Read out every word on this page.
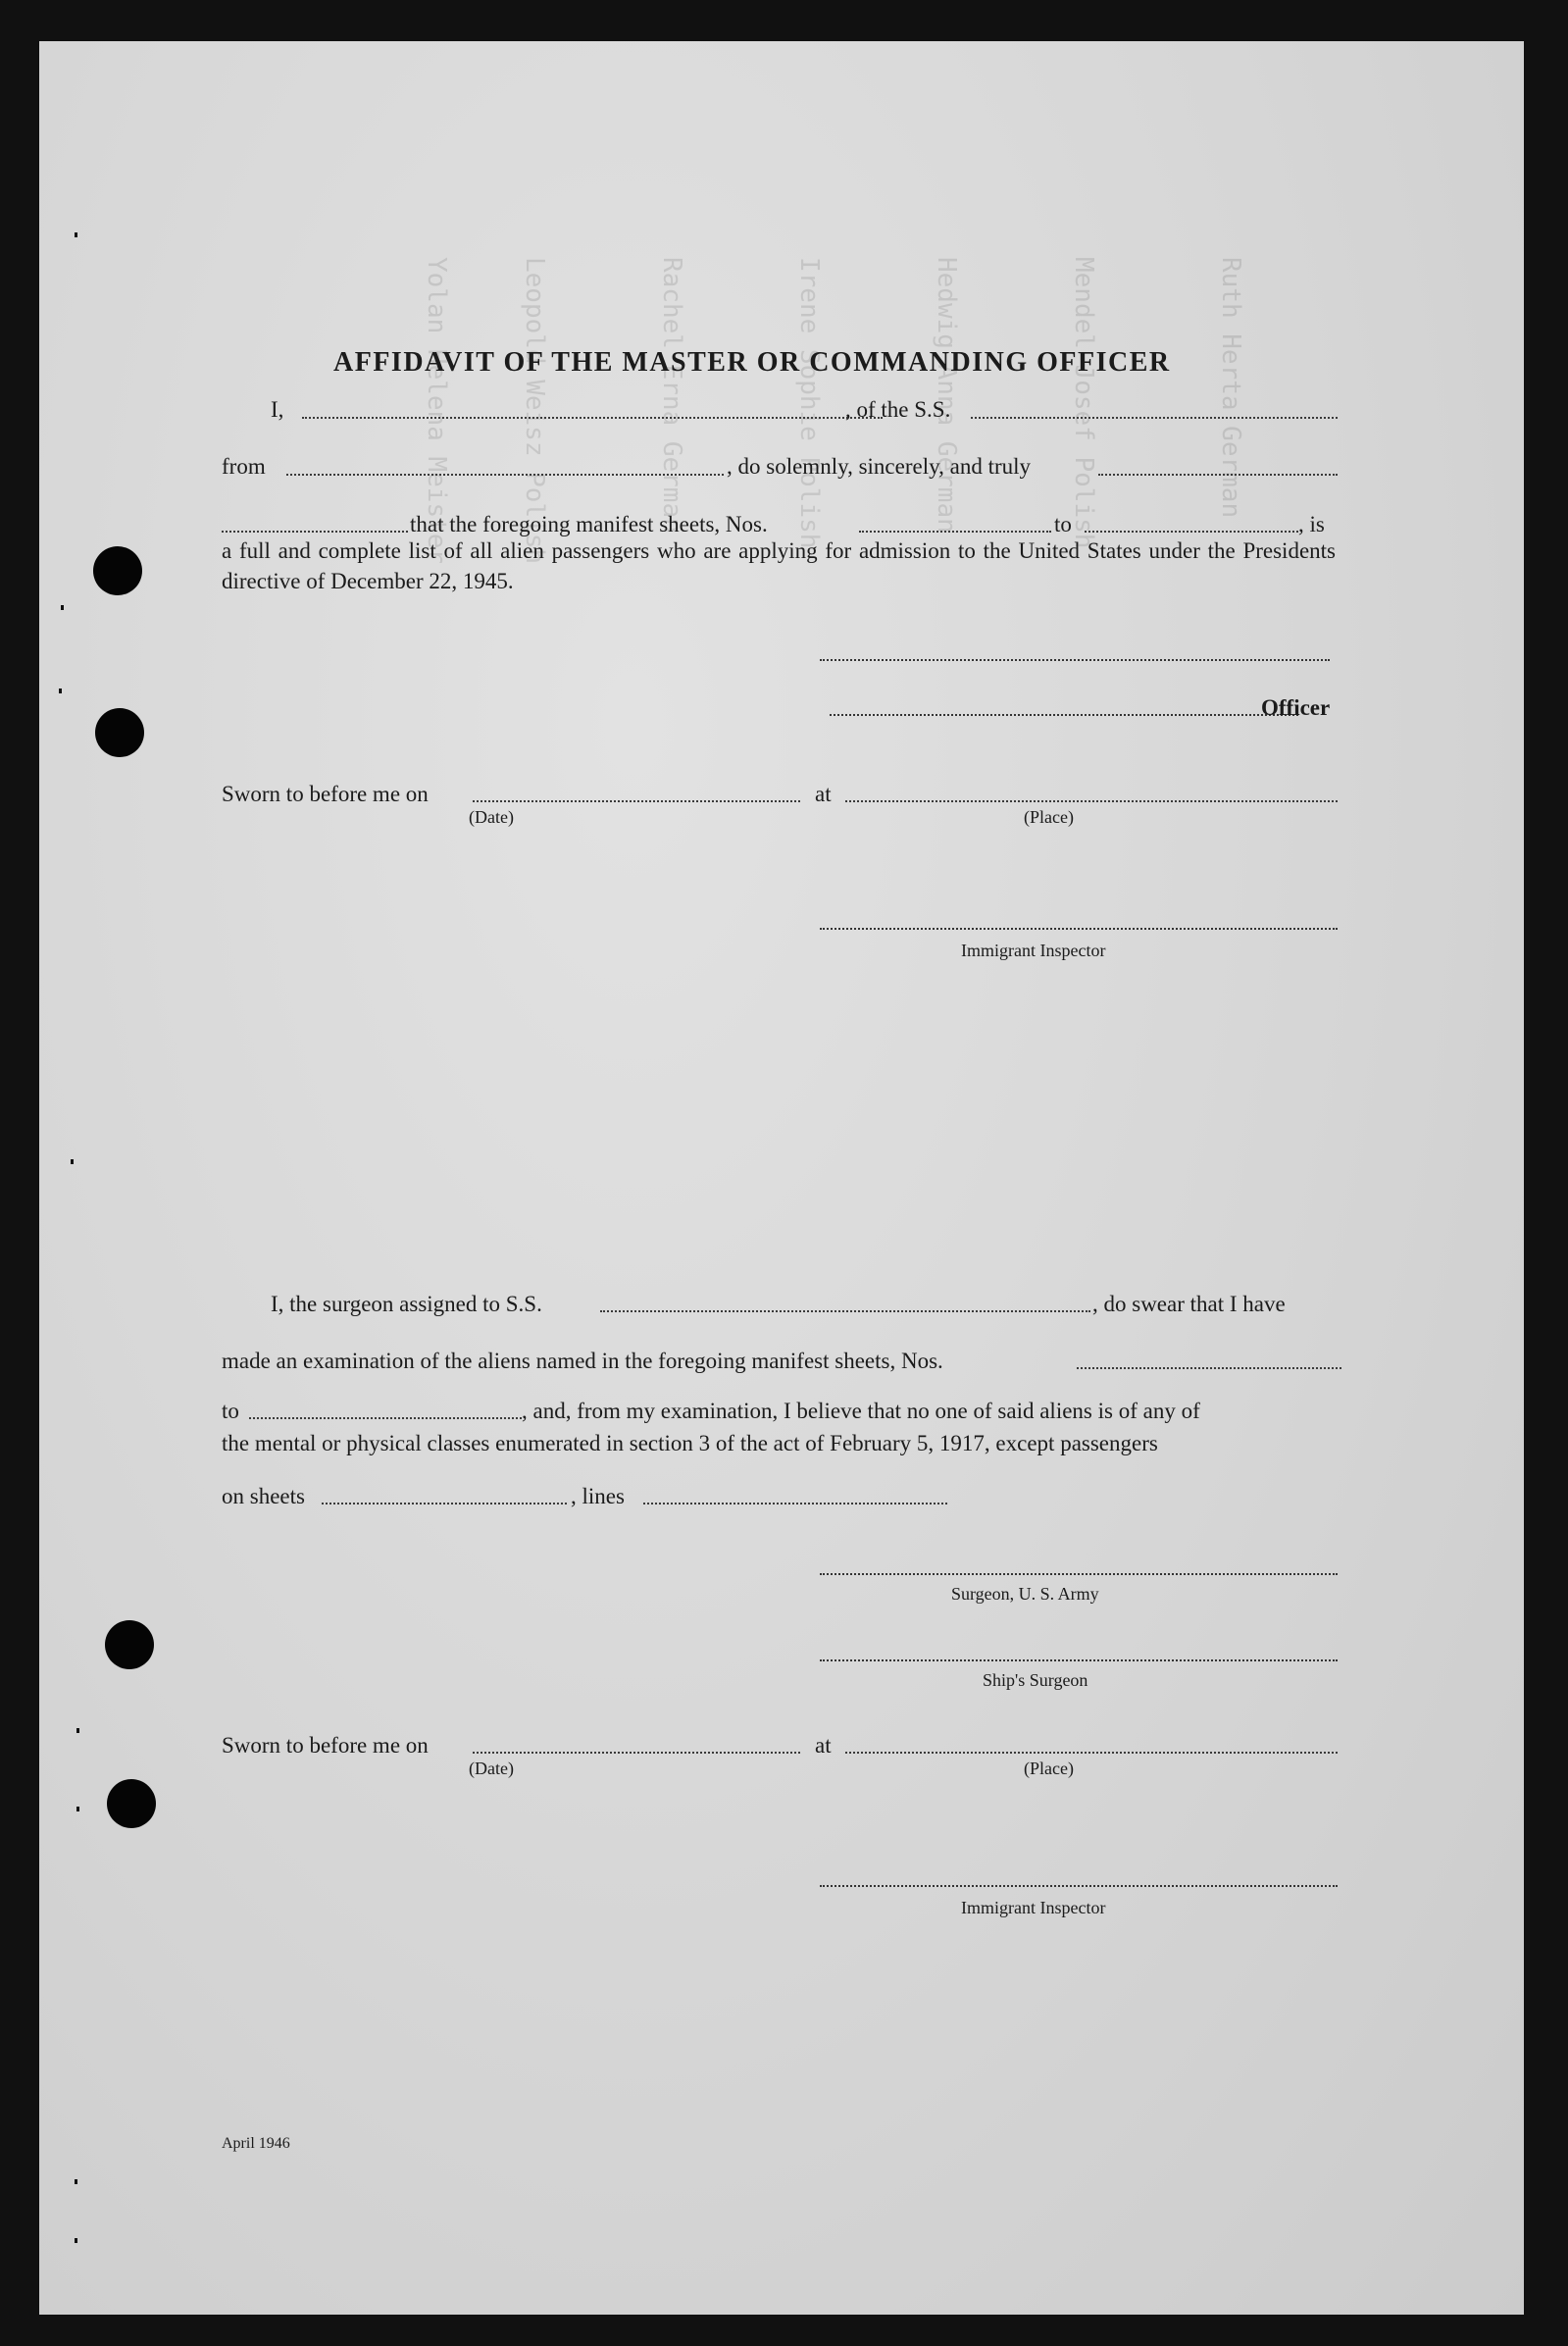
Yolan Helena Meister	Leopold Weisz Polish	Rachel Erna German	Irene Sophie Polish	Hedwig Anna German	Mendel Josef Polish	Ruth Herta German
AFFIDAVIT OF THE MASTER OR COMMANDING OFFICER
I,	, of the S.S.
from	, do solemnly, sincerely, and truly
that the foregoing manifest sheets, Nos.	to	, is
a full and complete list of all alien passengers who are applying for admission to the United States under the Presidents directive of December 22, 1945.
Officer
Sworn to before me on	at
(Date)	(Place)
Immigrant Inspector
I, the surgeon assigned to S.S.	, do swear that I have
made an examination of the aliens named in the foregoing manifest sheets, Nos.
to	, and, from my examination, I believe that no one of said aliens is of any of
the mental or physical classes enumerated in section 3 of the act of February 5, 1917, except passengers
on sheets	, lines
Surgeon, U. S. Army
Ship's Surgeon
Sworn to before me on	at
(Date)	(Place)
Immigrant Inspector
April 1946
